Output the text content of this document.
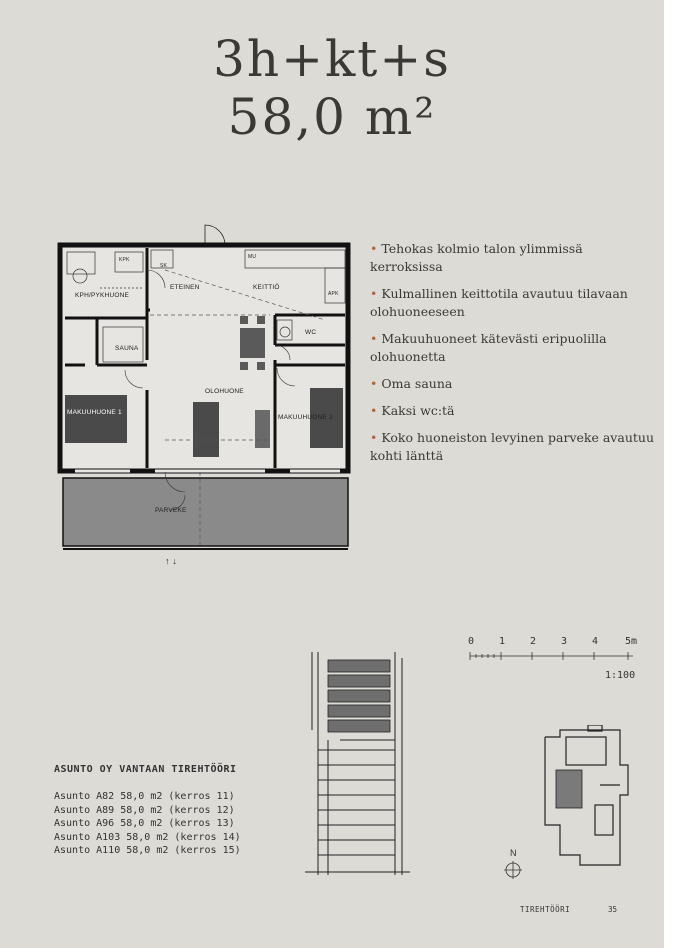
3h+kt+s
58,0 m²
• Tehokas kolmio talon ylimmissä kerroksissa
• Kulmallinen keittotila avautuu tilavaan olohuoneeseen
• Makuuhuoneet kätevästi eripuolilla olohuonetta
• Oma sauna
• Kaksi wc:tä
• Koko huoneiston levyinen parveke avautuu kohti länttä
KPH/PYKHUONE
SAUNA
ETEINEN	KEITTIÖ
OLOHUONE
MAKUUHUONE 1
MAKUUHUONE 2
WC
PARVEKE
SK
MU
APK
KPK
↑ ↓
0 1 2 3 4	5m
1:100
ASUNTO OY VANTAAN TIREHTÖÖRI
Asunto A82 58,0 m2 (kerros 11)
Asunto A89 58,0 m2 (kerros 12)
Asunto A96 58,0 m2 (kerros 13)
Asunto A103 58,0 m2 (kerros 14)
Asunto A110 58,0 m2 (kerros 15)	N
TIREHTÖÖRI	35
